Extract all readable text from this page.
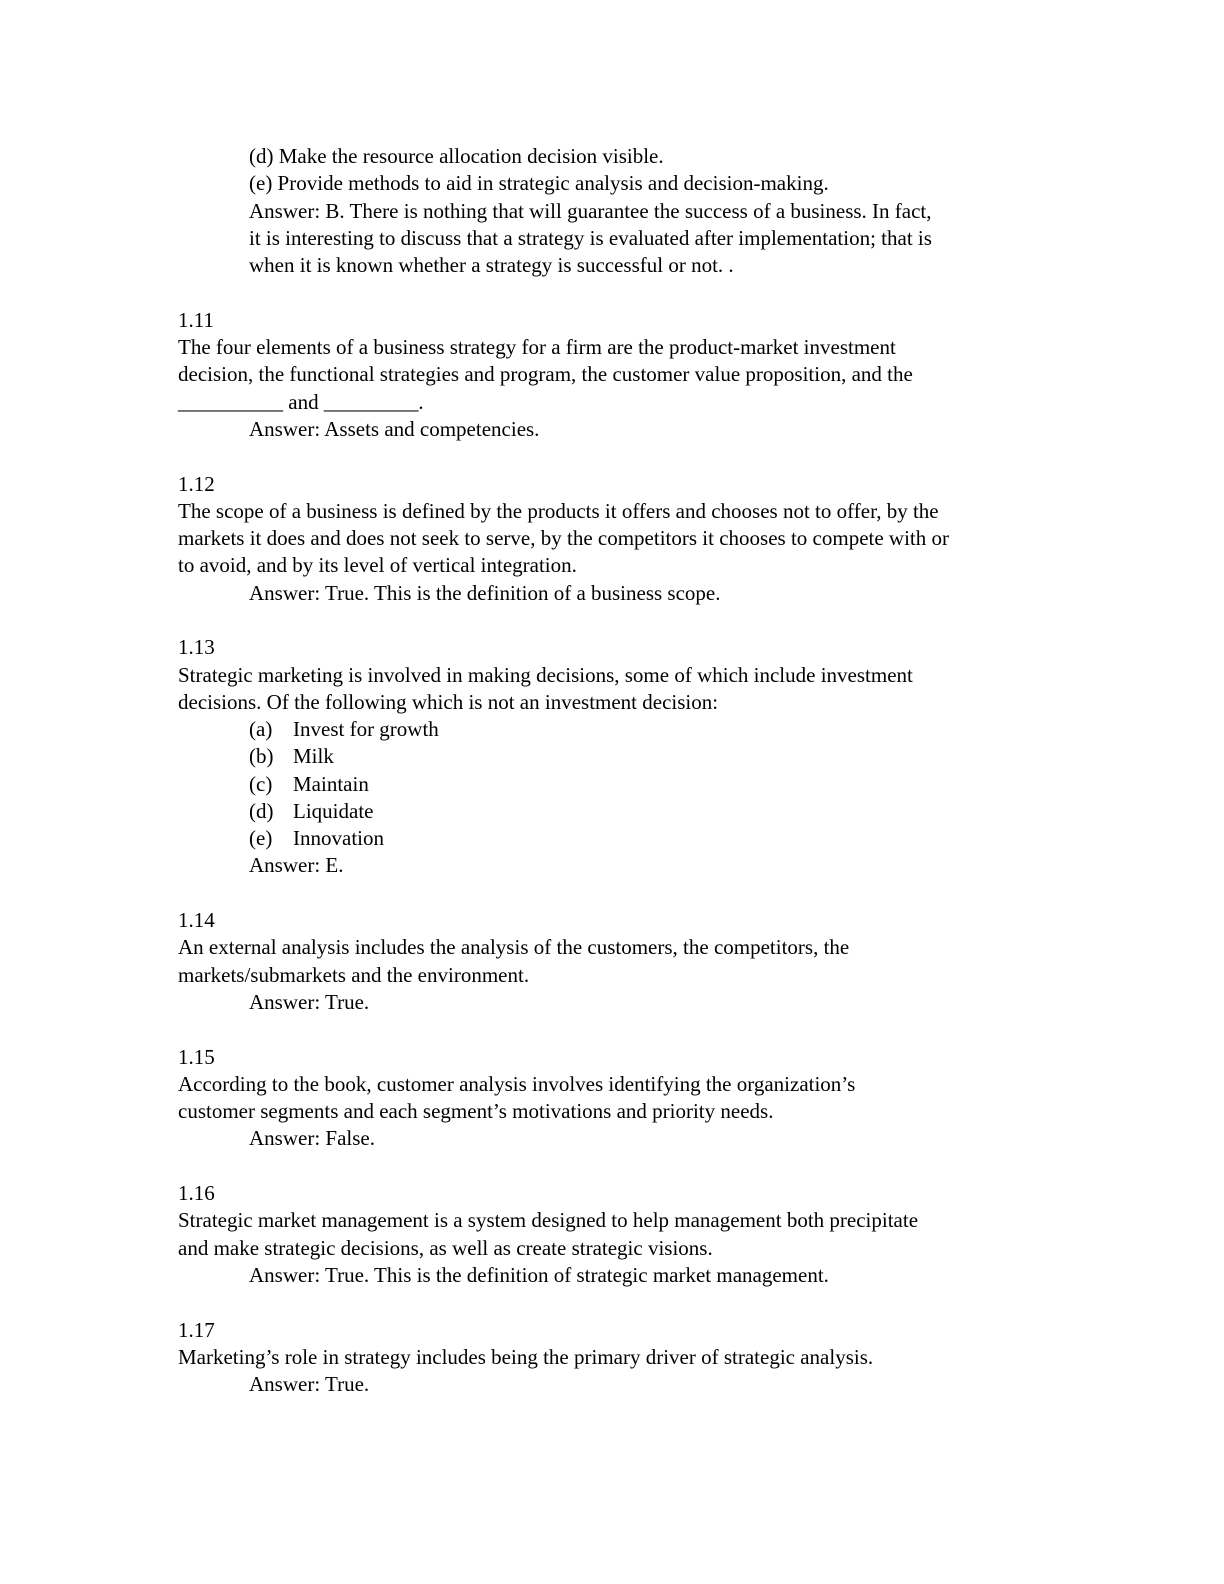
(d) Make the resource allocation decision visible.
(e) Provide methods to aid in strategic analysis and decision-making.
Answer: B. There is nothing that will guarantee the success of a business. In fact,
it is interesting to discuss that a strategy is evaluated after implementation; that is
when it is known whether a strategy is successful or not. .
1.11
The four elements of a business strategy for a firm are the product-market investment
decision, the functional strategies and program, the customer value proposition, and the
__________ and _________.
Answer: Assets and competencies.
1.12
The scope of a business is defined by the products it offers and chooses not to offer, by the
markets it does and does not seek to serve, by the competitors it chooses to compete with or
to avoid, and by its level of vertical integration.
Answer: True. This is the definition of a business scope.
1.13
Strategic marketing is involved in making decisions, some of which include investment
decisions. Of the following which is not an investment decision:
(a) Invest for growth
(b) Milk
(c) Maintain
(d) Liquidate
(e) Innovation
Answer: E.
1.14
An external analysis includes the analysis of the customers, the competitors, the
markets/submarkets and the environment.
Answer: True.
1.15
According to the book, customer analysis involves identifying the organization’s
customer segments and each segment’s motivations and priority needs.
Answer: False.
1.16
Strategic market management is a system designed to help management both precipitate
and make strategic decisions, as well as create strategic visions.
Answer: True. This is the definition of strategic market management.
1.17
Marketing’s role in strategy includes being the primary driver of strategic analysis.
Answer: True.
